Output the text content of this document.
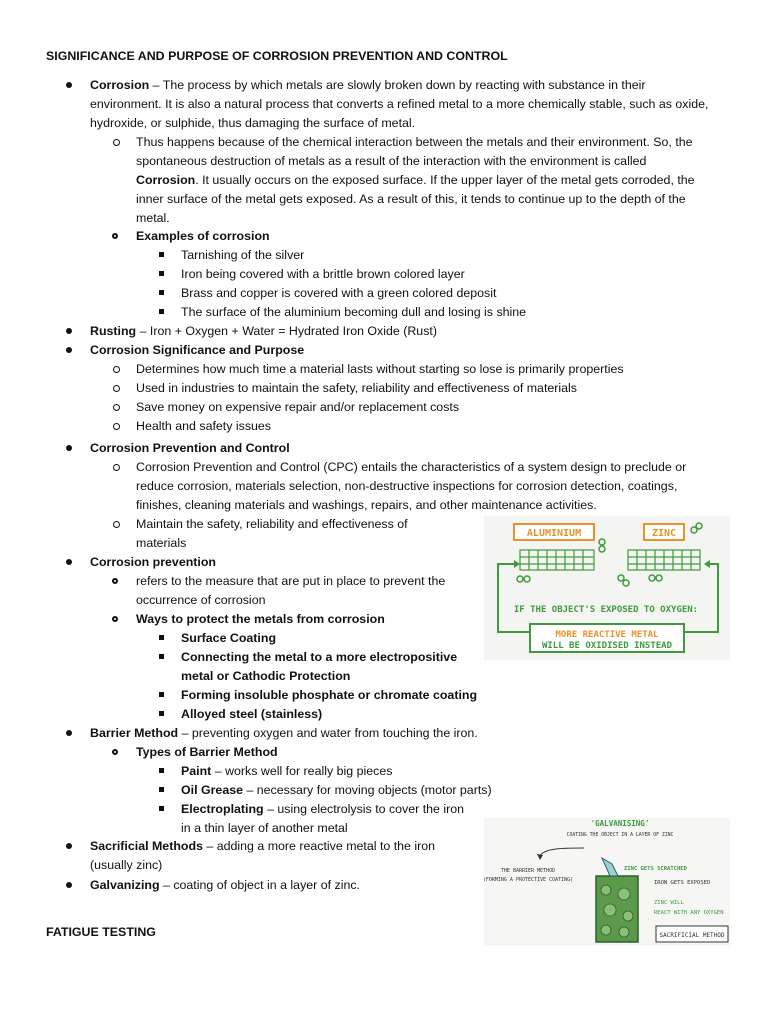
SIGNIFICANCE AND PURPOSE OF CORROSION PREVENTION AND CONTROL
Corrosion – The process by which metals are slowly broken down by reacting with substance in their
environment. It is also a natural process that converts a refined metal to a more chemically stable, such as oxide,
hydroxide, or sulphide, thus damaging the surface of metal.
Thus happens because of the chemical interaction between the metals and their environment. So, the
spontaneous destruction of metals as a result of the interaction with the environment is called
Corrosion. It usually occurs on the exposed surface. If the upper layer of the metal gets corroded, the
inner surface of the metal gets exposed. As a result of this, it tends to continue up to the depth of the
metal.
Examples of corrosion
Tarnishing of the silver
Iron being covered with a brittle brown colored layer
Brass and copper is covered with a green colored deposit
The surface of the aluminium becoming dull and losing is shine
Rusting – Iron + Oxygen + Water = Hydrated Iron Oxide (Rust)
Corrosion Significance and Purpose
Determines how much time a material lasts without starting so lose is primarily properties
Used in industries to maintain the safety, reliability and effectiveness of materials
Save money on expensive repair and/or replacement costs
Health and safety issues
Corrosion Prevention and Control
Corrosion Prevention and Control (CPC) entails the characteristics of a system design to preclude or
reduce corrosion, materials selection, non-destructive inspections for corrosion detection, coatings,
finishes, cleaning materials and washings, repairs, and other maintenance activities.
Maintain the safety, reliability and effectiveness of
materials
Corrosion prevention
refers to the measure that are put in place to prevent the
occurrence of corrosion
Ways to protect the metals from corrosion
Surface Coating
Connecting the metal to a more electropositive
metal or Cathodic Protection
Forming insoluble phosphate or chromate coating
Alloyed steel (stainless)
Barrier Method – preventing oxygen and water from touching the iron.
Types of Barrier Method
Paint – works well for really big pieces
Oil Grease – necessary for moving objects (motor parts)
Electroplating – using electrolysis to cover the iron
in a thin layer of another metal
Sacrificial Methods – adding a more reactive metal to the iron
(usually zinc)
Galvanizing – coating of object in a layer of zinc.
FATIGUE TESTING
ALUMINIUM	ZINC
IF THE OBJECT'S EXPOSED TO OXYGEN:
MORE REACTIVE METAL
WILL BE OXIDISED INSTEAD
'GALVANISING'
COATING THE OBJECT IN A LAYER OF ZINC
THE BARRIER METHOD
(FORMING A PROTECTIVE COATING)
ZINC GETS SCRATCHED
IRON GETS EXPOSED
ZINC WILL
REACT WITH ANY OXYGEN
SACRIFICIAL METHOD
